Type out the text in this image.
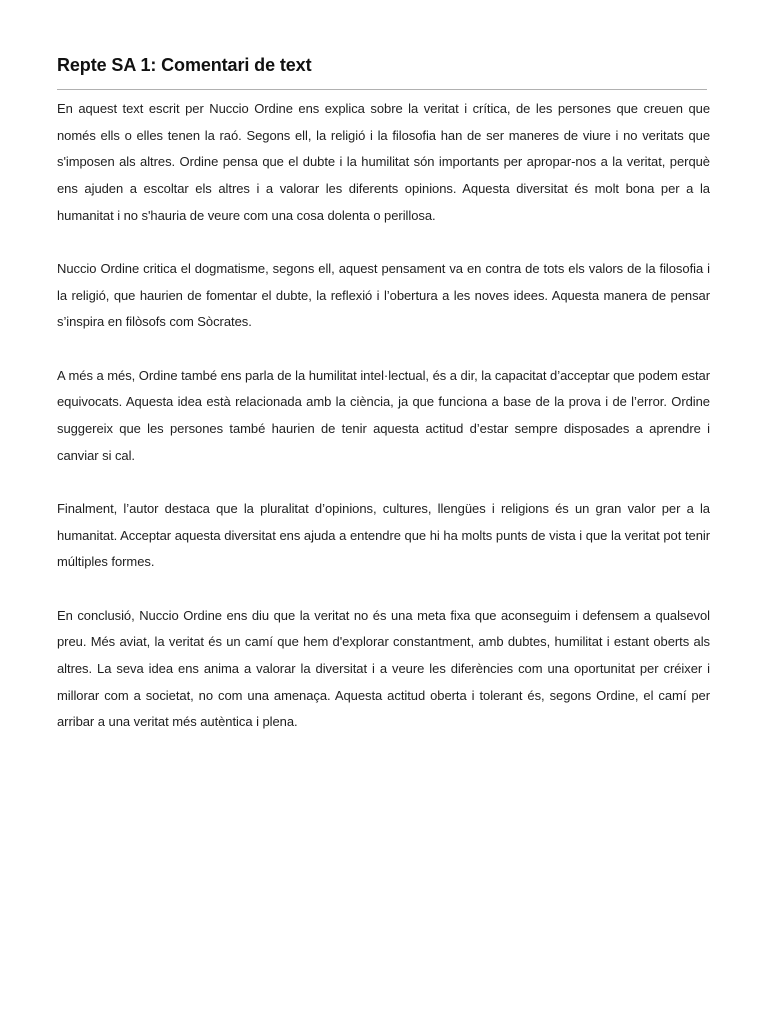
Repte SA 1: Comentari de text

En aquest text escrit per Nuccio Ordine ens explica sobre la veritat i crítica, de les persones que creuen que només ells o elles tenen la raó. Segons ell, la religió i la filosofia han de ser maneres de viure i no veritats que s'imposen als altres. Ordine pensa que el dubte i la humilitat són importants per apropar-nos a la veritat, perquè ens ajuden a escoltar els altres i a valorar les diferents opinions. Aquesta diversitat és molt bona per a la humanitat i no s'hauria de veure com una cosa dolenta o perillosa.

Nuccio Ordine critica el dogmatisme, segons ell, aquest pensament va en contra de tots els valors de la filosofia i la religió, que haurien de fomentar el dubte, la reflexió i l’obertura a les noves idees. Aquesta manera de pensar s’inspira en filòsofs com Sòcrates.

A més a més, Ordine també ens parla de la humilitat intel·lectual, és a dir, la capacitat d’acceptar que podem estar equivocats. Aquesta idea està relacionada amb la ciència, ja que funciona a base de la prova i de l’error. Ordine suggereix que les persones també haurien de tenir aquesta actitud d’estar sempre disposades a aprendre i canviar si cal.

Finalment, l’autor destaca que la pluralitat d’opinions, cultures, llengües i religions és un gran valor per a la humanitat. Acceptar aquesta diversitat ens ajuda a entendre que hi ha molts punts de vista i que la veritat pot tenir múltiples formes.

En conclusió, Nuccio Ordine ens diu que la veritat no és una meta fixa que aconseguim i defensem a qualsevol preu. Més aviat, la veritat és un camí que hem d'explorar constantment, amb dubtes, humilitat i estant oberts als altres. La seva idea ens anima a valorar la diversitat i a veure les diferències com una oportunitat per créixer i millorar com a societat, no com una amenaça. Aquesta actitud oberta i tolerant és, segons Ordine, el camí per arribar a una veritat més autèntica i plena.
